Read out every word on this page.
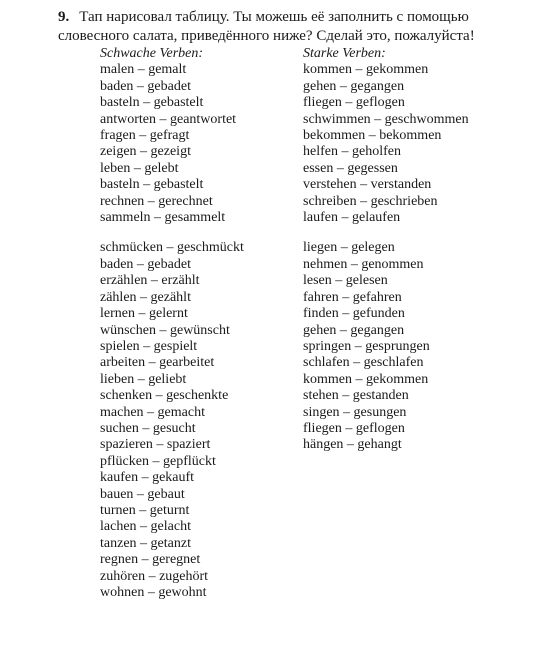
9. Тап нарисовал таблицу. Ты можешь её заполнить с помощью словесного салата, приведённого ниже? Сделай это, пожалуйста!
Schwache Verben:
malen – gemalt
baden – gebadet
basteln – gebastelt
antworten – geantwortet
fragen – gefragt
zeigen – gezeigt
leben – gelebt
basteln – gebastelt
rechnen – gerechnet
sammeln – gesammelt
schmücken – geschmückt
baden – gebadet
erzählen – erzählt
zählen – gezählt
lernen – gelernt
wünschen – gewünscht
spielen – gespielt
arbeiten – gearbeitet
lieben – geliebt
schenken – geschenkte
machen – gemacht
suchen – gesucht
spazieren – spaziert
pflücken – gepflückt
kaufen – gekauft
bauen – gebaut
turnen – geturnt
lachen – gelacht
tanzen – getanzt
regnen – geregnet
zuhören – zugehört
wohnen – gewohnt
Starke Verben:
kommen – gekommen
gehen – gegangen
fliegen – geflogen
schwimmen – geschwommen
bekommen – bekommen
helfen – geholfen
essen – gegessen
verstehen – verstanden
schreiben – geschrieben
laufen – gelaufen
liegen – gelegen
nehmen – genommen
lesen – gelesen
fahren – gefahren
finden – gefunden
gehen – gegangen
springen – gesprungen
schlafen – geschlafen
kommen – gekommen
stehen – gestanden
singen – gesungen
fliegen – geflogen
hängen – gehangt
